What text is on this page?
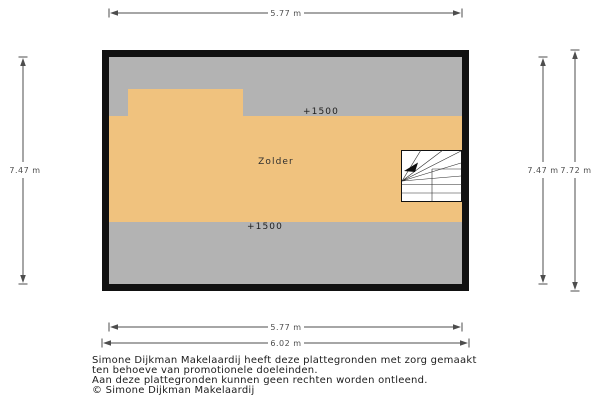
5.77 m
7.47 m	7.47 m 7.72 m
5.77 m
6.02 m
Zolder
+1500
+1500
Simone Dijkman Makelaardij heeft deze plattegronden met zorg gemaakt
ten behoeve van promotionele doeleinden.
Aan deze plattegronden kunnen geen rechten worden ontleend.
© Simone Dijkman Makelaardij
